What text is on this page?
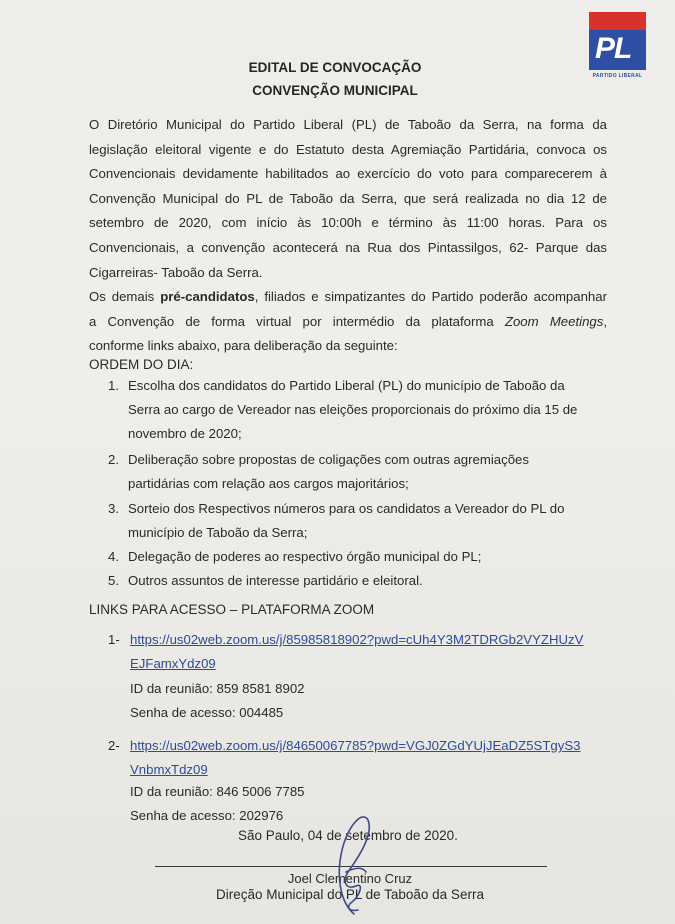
PL
PARTIDO LIBERAL
EDITAL DE CONVOCAÇÃO
CONVENÇÃO MUNICIPAL
O Diretório Municipal do Partido Liberal (PL) de Taboão da Serra, na forma da
legislação eleitoral vigente e do Estatuto desta Agremiação Partidária, convoca os
Convencionais devidamente habilitados ao exercício do voto para comparecerem à
Convenção Municipal do PL de Taboão da Serra, que será realizada no dia 12 de
setembro de 2020, com início às 10:00h e término às 11:00 horas. Para os
Convencionais, a convenção acontecerá na Rua dos Pintassilgos, 62- Parque das
Cigarreiras- Taboão da Serra.
Os demais pré-candidatos, filiados e simpatizantes do Partido poderão acompanhar
a Convenção de forma virtual por intermédio da plataforma Zoom Meetings,
conforme links abaixo, para deliberação da seguinte:
ORDEM DO DIA:
1. Escolha dos candidatos do Partido Liberal (PL) do município de Taboão da
Serra ao cargo de Vereador nas eleições proporcionais do próximo dia 15 de
novembro de 2020;
2. Deliberação sobre propostas de coligações com outras agremiações
partidárias com relação aos cargos majoritários;
3. Sorteio dos Respectivos números para os candidatos a Vereador do PL do
município de Taboão da Serra;
4. Delegação de poderes ao respectivo órgão municipal do PL;
5. Outros assuntos de interesse partidário e eleitoral.
LINKS PARA ACESSO – PLATAFORMA ZOOM
1- https://us02web.zoom.us/j/85985818902?pwd=cUh4Y3M2TDRGb2VYZHUzV
EJFamxYdz09
ID da reunião: 859 8581 8902
Senha de acesso: 004485
2- https://us02web.zoom.us/j/84650067785?pwd=VGJ0ZGdYUjJEaDZ5STgyS3
VnbmxTdz09
ID da reunião: 846 5006 7785
Senha de acesso: 202976
São Paulo, 04 de setembro de 2020.
Joel Clementino Cruz
Direção Municipal do PL de Taboão da Serra
